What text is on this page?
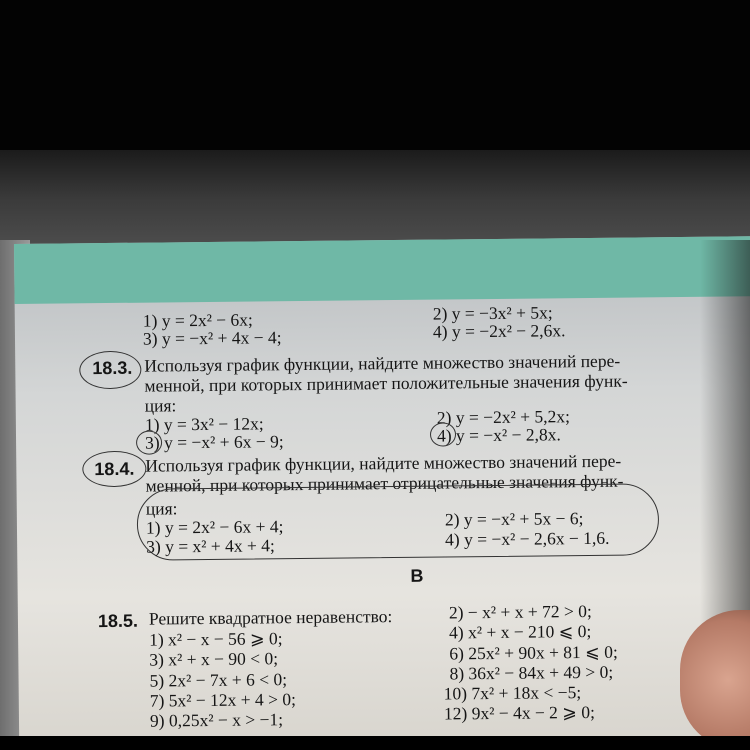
1) y = 2x² − 6x;	2) y = −3x² + 5x;
3) y = −x² + 4x − 4;	4) y = −2x² − 2,6x.
18.3. Используя график функции, найдите множество значений пере-
менной, при которых принимает положительные значения функ-
ция:
1) y = 3x² − 12x;	2) y = −2x² + 5,2x;
3) y = −x² + 6x − 9;	4) y = −x² − 2,8x.
18.4. Используя график функции, найдите множество значений пере-
менной, при которых принимает отрицательные значения функ-
ция:
1) y = 2x² − 6x + 4;	2) y = −x² + 5x − 6;
3) y = x² + 4x + 4;	4) y = −x² − 2,6x − 1,6.
B
18.5. Решите квадратное неравенство:
1) x² − x − 56 ⩾ 0;
2) − x² + x + 72 > 0;
3) x² + x − 90 < 0;
4) x² + x − 210 ⩽ 0;
5) 2x² − 7x + 6 < 0;
6) 25x² + 90x + 81 ⩽ 0;
7) 5x² − 12x + 4 > 0;
8) 36x² − 84x + 49 > 0;
9) 0,25x² − x > −1;
10) 7x² + 18x < −5;
12) 9x² − 4x − 2 ⩾ 0;
